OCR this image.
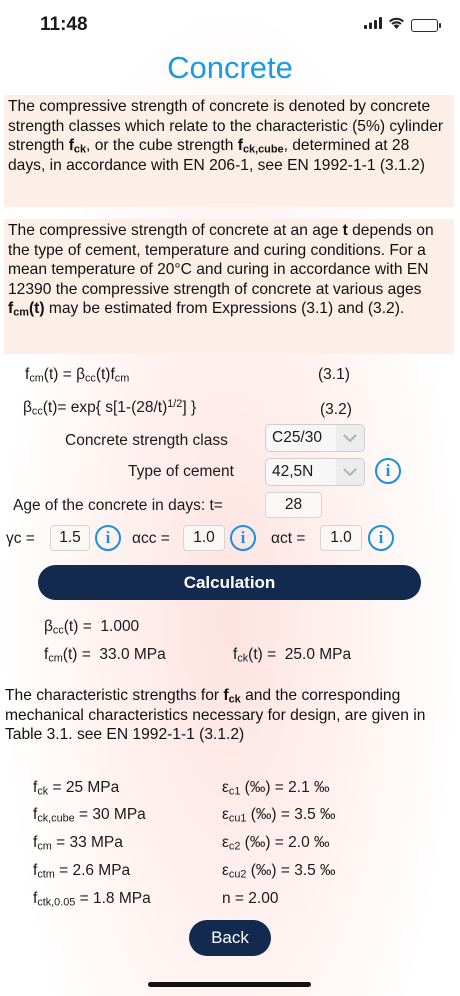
11:48
Concrete
The compressive strength of concrete is denoted by concrete strength classes which relate to the characteristic (5%) cylinder strength $f_{ck}$, or the cube strength $f_{ck,cube}$, determined at 28 days, in accordance with EN 206-1, see EN 1992-1-1 (3.1.2)
The compressive strength of concrete at an age t depends on the type of cement, temperature and curing conditions. For a mean temperature of 20°C and curing in accordance with EN 12390 the compressive strength of concrete at various ages $f_{cm}(t)$ may be estimated from Expressions (3.1) and (3.2).
$f_{cm}(t) = \beta_{cc}(t)f_{cm}$	(3.1)
$\beta_{cc}(t)= \exp${ $s[1-(28/t)^{1/2}]$ }	(3.2)
Concrete strength class	C25/30
Type of cement 42,5N	i
Age of the concrete in days: t=	28
γc =	1.5	i	αcc =	1.0	i	αct =	1.0	i
Calculation
$\beta_{cc}(t) = 1.000$
$f_{cm}(t) = 33.0$ MPa	$f_{ck}(t) = 25.0$ MPa
The characteristic strengths for $f_{ck}$ and the corresponding mechanical characteristics necessary for design, are given in Table 3.1. see EN 1992-1-1 (3.1.2)
$f_{ck} = 25$ MPa	$\varepsilon_{c1}$ (‰) = 2.1 ‰
$f_{ck,cube} = 30$ MPa	$\varepsilon_{cu1}$ (‰) = 3.5 ‰
$f_{cm} = 33$ MPa	$\varepsilon_{c2}$ (‰) = 2.0 ‰
$f_{ctm} = 2.6$ MPa	$\varepsilon_{cu2}$ (‰) = 3.5 ‰
$f_{ctk,0.05} = 1.8$ MPa	n = 2.00
Back
